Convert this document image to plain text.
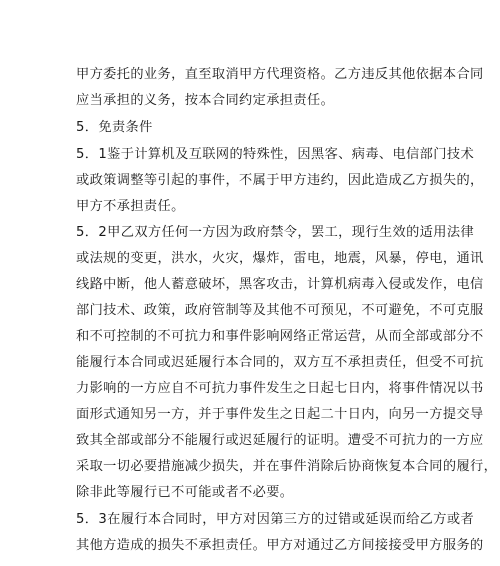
甲方委托的业务，直至取消甲方代理资格。乙方违反其他依据本合同
应当承担的义务，按本合同约定承担责任。
5．免责条件
5．1鉴于计算机及互联网的特殊性，因黑客、病毒、电信部门技术
或政策调整等引起的事件，不属于甲方违约，因此造成乙方损失的，
甲方不承担责任。
5．2甲乙双方任何一方因为政府禁令，罢工，现行生效的适用法律
或法规的变更，洪水，火灾，爆炸，雷电，地震，风暴，停电，通讯
线路中断，他人蓄意破坏，黑客攻击，计算机病毒入侵或发作，电信
部门技术、政策，政府管制等及其他不可预见，不可避免，不可克服
和不可控制的不可抗力和事件影响网络正常运营，从而全部或部分不
能履行本合同或迟延履行本合同的，双方互不承担责任，但受不可抗
力影响的一方应自不可抗力事件发生之日起七日内，将事件情况以书
面形式通知另一方，并于事件发生之日起二十日内，向另一方提交导
致其全部或部分不能履行或迟延履行的证明。遭受不可抗力的一方应
采取一切必要措施减少损失，并在事件消除后协商恢复本合同的履行，
除非此等履行已不可能或者不必要。
5．3在履行本合同时，甲方对因第三方的过错或延误而给乙方或者
其他方造成的损失不承担责任。甲方对通过乙方间接接受甲方服务的
